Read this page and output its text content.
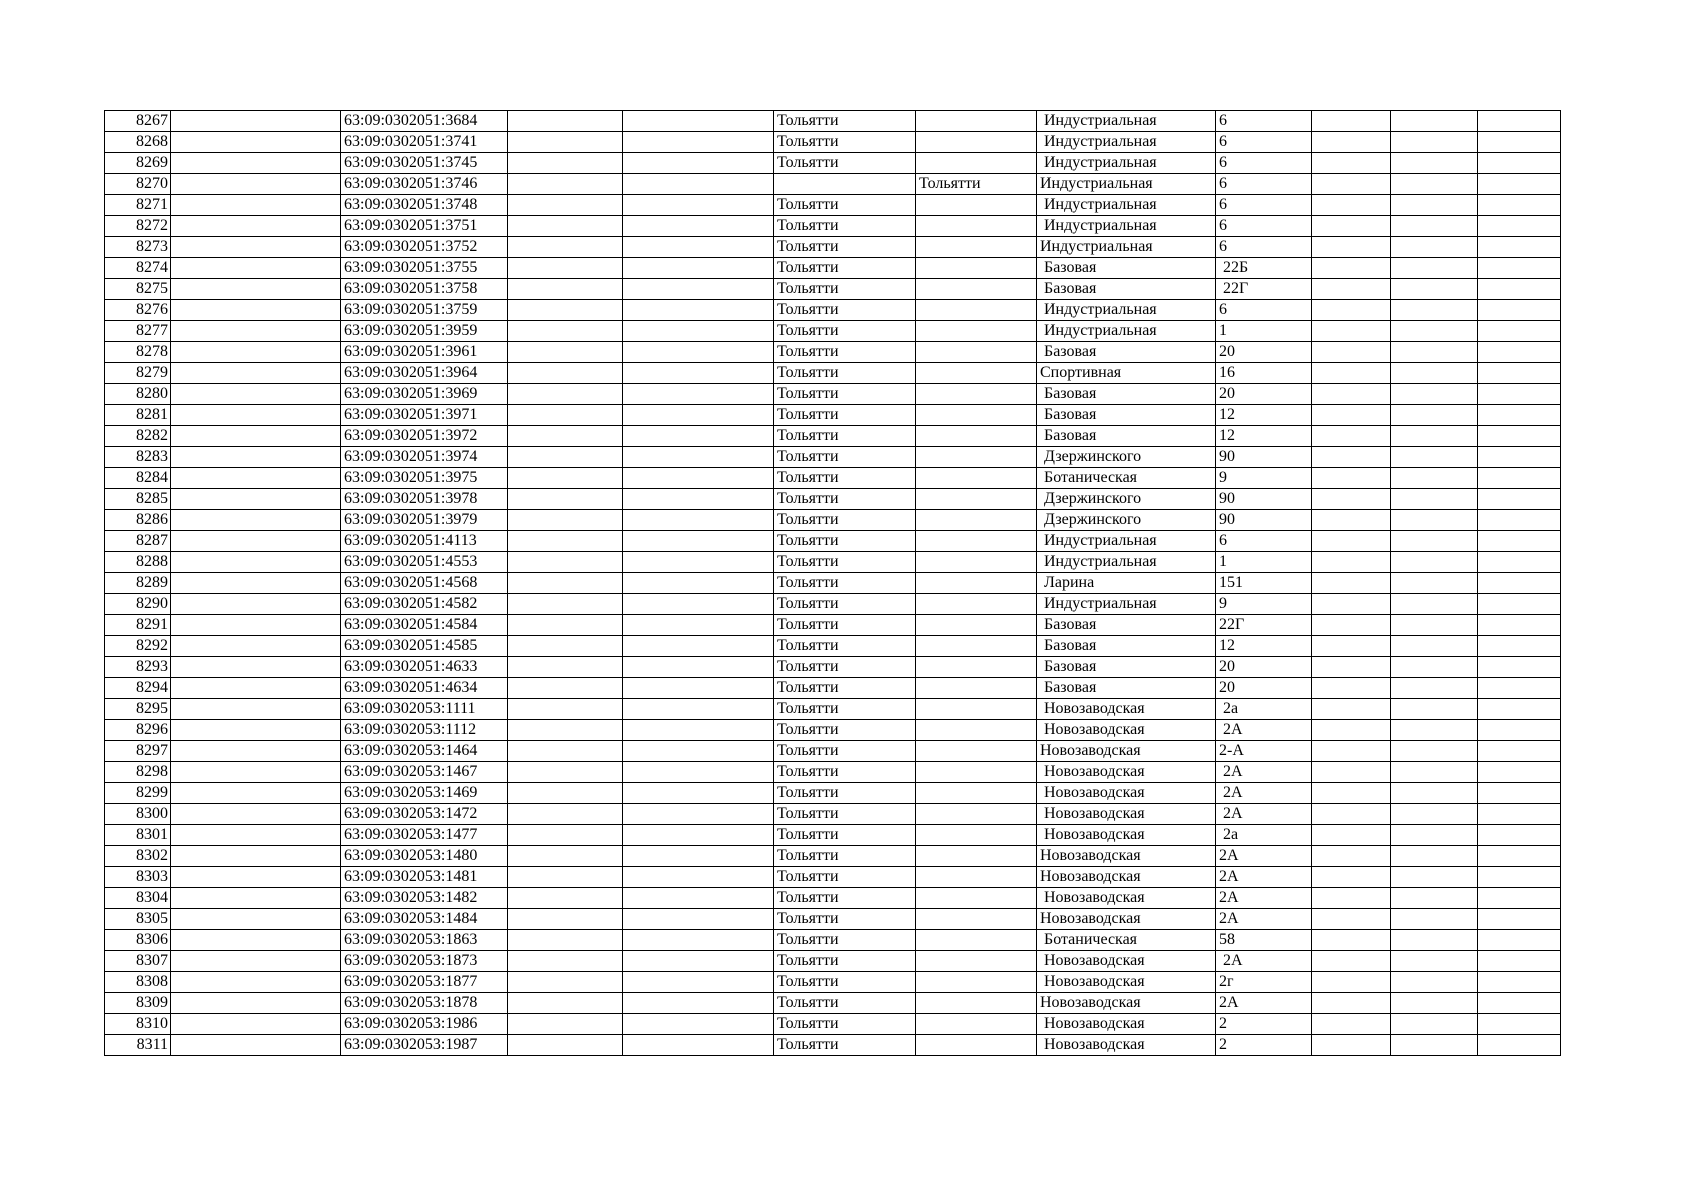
8267		63:09:0302051:3684			Тольятти		Индустриальная	6			
8268		63:09:0302051:3741			Тольятти		Индустриальная	6			
8269		63:09:0302051:3745			Тольятти		Индустриальная	6			
8270		63:09:0302051:3746				Тольятти	Индустриальная	6			
8271		63:09:0302051:3748			Тольятти		Индустриальная	6			
8272		63:09:0302051:3751			Тольятти		Индустриальная	6			
8273		63:09:0302051:3752			Тольятти		Индустриальная	6			
8274		63:09:0302051:3755			Тольятти		Базовая	22Б			
8275		63:09:0302051:3758			Тольятти		Базовая	22Г			
8276		63:09:0302051:3759			Тольятти		Индустриальная	6			
8277		63:09:0302051:3959			Тольятти		Индустриальная	1			
8278		63:09:0302051:3961			Тольятти		Базовая	20			
8279		63:09:0302051:3964			Тольятти		Спортивная	16			
8280		63:09:0302051:3969			Тольятти		Базовая	20			
8281		63:09:0302051:3971			Тольятти		Базовая	12			
8282		63:09:0302051:3972			Тольятти		Базовая	12			
8283		63:09:0302051:3974			Тольятти		Дзержинского	90			
8284		63:09:0302051:3975			Тольятти		Ботаническая	9			
8285		63:09:0302051:3978			Тольятти		Дзержинского	90			
8286		63:09:0302051:3979			Тольятти		Дзержинского	90			
8287		63:09:0302051:4113			Тольятти		Индустриальная	6			
8288		63:09:0302051:4553			Тольятти		Индустриальная	1			
8289		63:09:0302051:4568			Тольятти		Ларина	151			
8290		63:09:0302051:4582			Тольятти		Индустриальная	9			
8291		63:09:0302051:4584			Тольятти		Базовая	22Г			
8292		63:09:0302051:4585			Тольятти		Базовая	12			
8293		63:09:0302051:4633			Тольятти		Базовая	20			
8294		63:09:0302051:4634			Тольятти		Базовая	20			
8295		63:09:0302053:1111			Тольятти		Новозаводская	2а			
8296		63:09:0302053:1112			Тольятти		Новозаводская	2А			
8297		63:09:0302053:1464			Тольятти		Новозаводская	2-А			
8298		63:09:0302053:1467			Тольятти		Новозаводская	2А			
8299		63:09:0302053:1469			Тольятти		Новозаводская	2А			
8300		63:09:0302053:1472			Тольятти		Новозаводская	2А			
8301		63:09:0302053:1477			Тольятти		Новозаводская	2а			
8302		63:09:0302053:1480			Тольятти		Новозаводская	2А			
8303		63:09:0302053:1481			Тольятти		Новозаводская	2А			
8304		63:09:0302053:1482			Тольятти		Новозаводская	2А			
8305		63:09:0302053:1484			Тольятти		Новозаводская	2А			
8306		63:09:0302053:1863			Тольятти		Ботаническая	58			
8307		63:09:0302053:1873			Тольятти		Новозаводская	2А			
8308		63:09:0302053:1877			Тольятти		Новозаводская	2г			
8309		63:09:0302053:1878			Тольятти		Новозаводская	2А			
8310		63:09:0302053:1986			Тольятти		Новозаводская	2			
8311		63:09:0302053:1987			Тольятти		Новозаводская	2			
